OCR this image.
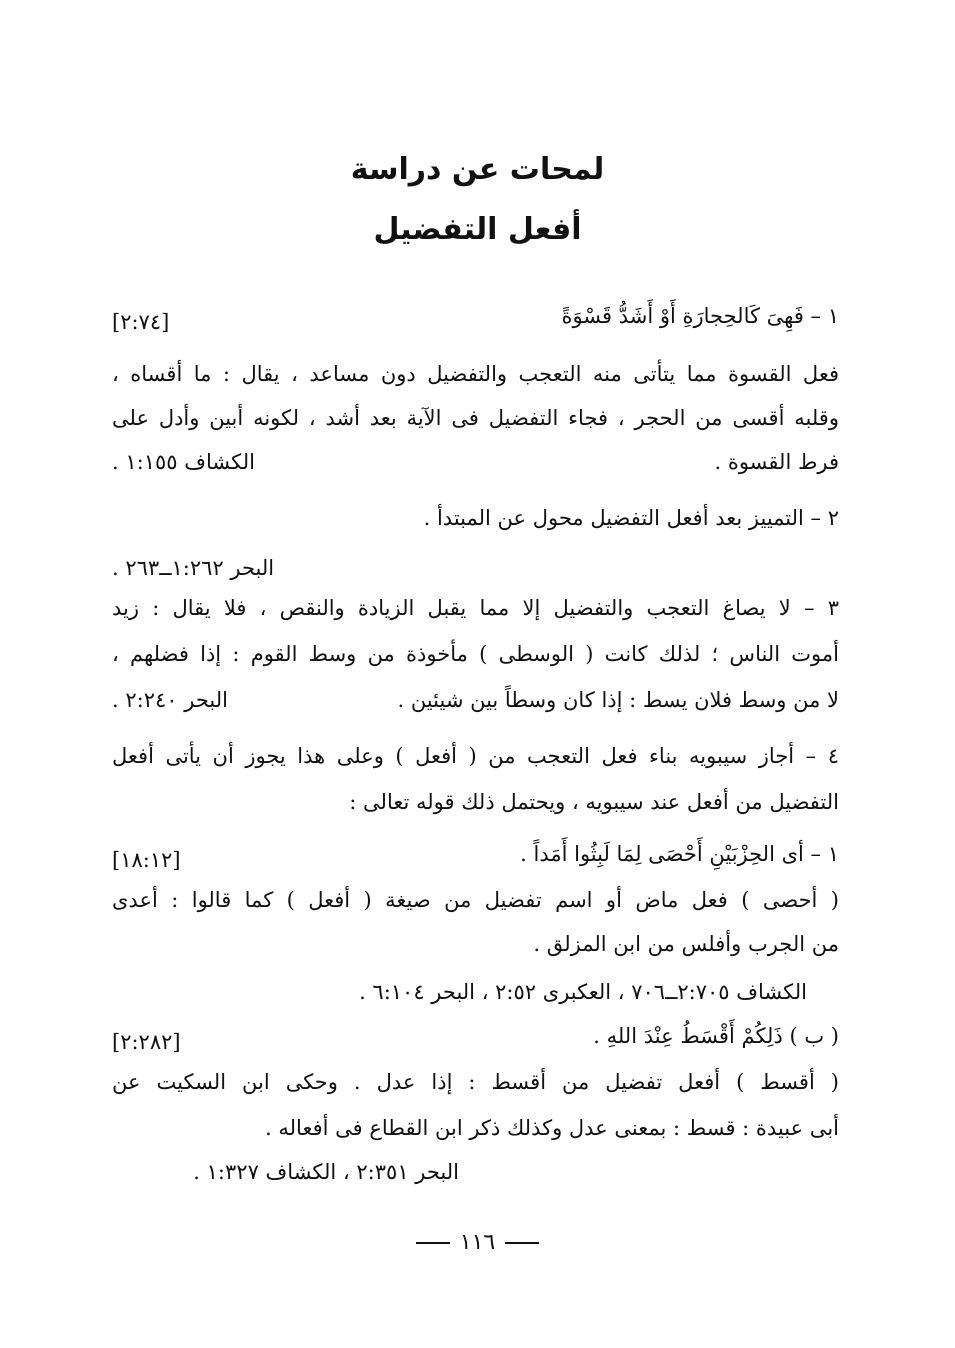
لمحات عن دراسة
أفعل التفضيل
١ – فَهِىَ كَالحِجارَةِ أَوْ أَشَدُّ قَسْوَةً
[٢:٧٤]
فعل القسوة مما يتأتى منه التعجب والتفضيل دون مساعد ، يقال : ما أقساه ،
وقلبه أقسى من الحجر ، فجاء التفضيل فى الآية بعد أشد ، لكونه أبين وأدل على
فرط القسوة .
الكشاف ١:١٥٥ .
٢ – التمييز بعد أفعل التفضيل محول عن المبتدأ .
البحر ١:٢٦٢ــ٢٦٣ .
٣ – لا يصاغ التعجب والتفضيل إلا مما يقبل الزيادة والنقص ، فلا يقال : زيد
أموت الناس ؛ لذلك كانت ( الوسطى ) مأخوذة من وسط القوم : إذا فضلهم ،
لا من وسط فلان يسط : إذا كان وسطاً بين شيئين .
البحر ٢:٢٤٠ .
٤ – أجاز سيبويه بناء فعل التعجب من ( أفعل ) وعلى هذا يجوز أن يأتى أفعل
التفضيل من أفعل عند سيبويه ، ويحتمل ذلك قوله تعالى :
١ – أى الحِزْبَيْنِ أَحْصَى لِمَا لَبِثُوا أَمَداً .
[١٨:١٢]
( أحصى ) فعل ماض أو اسم تفضيل من صيغة ( أفعل ) كما قالوا : أعدى
من الجرب وأفلس من ابن المزلق .
الكشاف ٢:٧٠٥ــ٧٠٦ ، العكبرى ٢:٥٢ ، البحر ٦:١٠٤ .
( ب ) ذَلِكُمْ أَقْسَطُ عِنْدَ اللهِ .
[٢:٢٨٢]
( أقسط ) أفعل تفضيل من أقسط : إذا عدل . وحكى ابن السكيت عن
أبى عبيدة : قسط : بمعنى عدل وكذلك ذكر ابن القطاع فى أفعاله .
البحر ٢:٣٥١ ، الكشاف ١:٣٢٧ .
١١٦
